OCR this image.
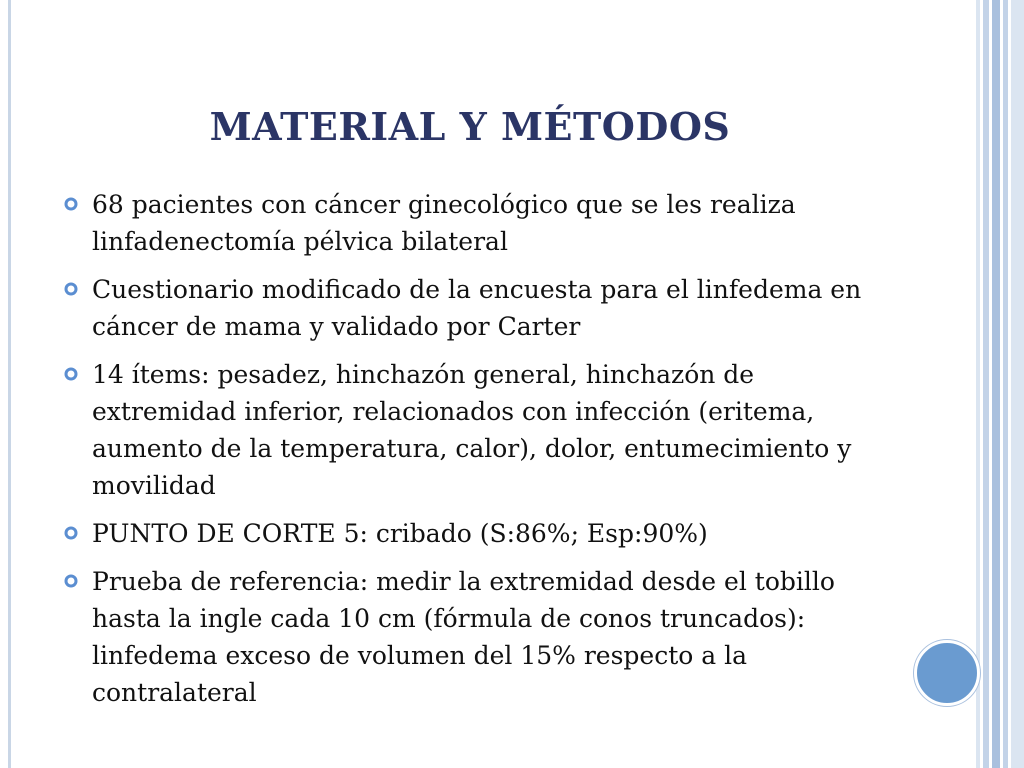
MATERIAL Y MÉTODOS
68 pacientes con cáncer ginecológico que se les realiza linfadenectomía pélvica bilateral
Cuestionario modificado de la encuesta para el linfedema en cáncer de mama y validado por Carter
14 ítems: pesadez, hinchazón general, hinchazón de extremidad inferior, relacionados con infección (eritema, aumento de la temperatura, calor), dolor, entumecimiento y movilidad
PUNTO DE CORTE 5: cribado (S:86%; Esp:90%)
Prueba de referencia: medir la extremidad desde el tobillo hasta la ingle cada 10 cm (fórmula de conos truncados): linfedema exceso de volumen del 15% respecto a la contralateral
